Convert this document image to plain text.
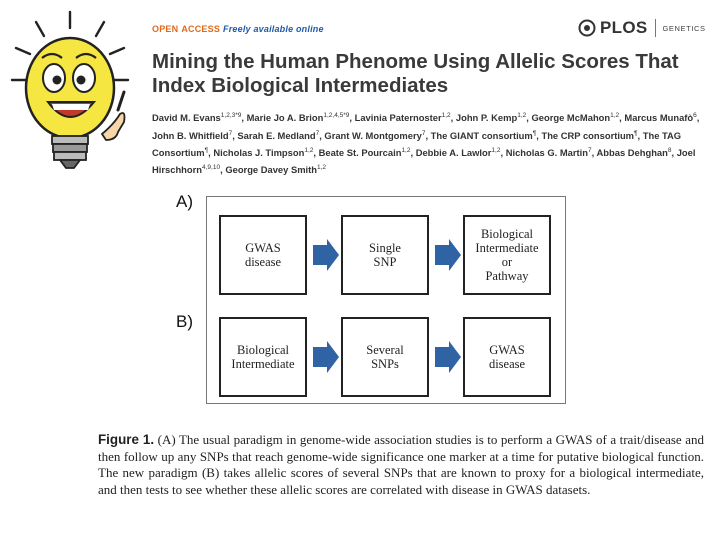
OPEN ACCESS Freely available online	PLOS GENETICS
Mining the Human Phenome Using Allelic Scores That
Index Biological Intermediates
David M. Evans$^{1,2,3*9}$, Marie Jo A. Brion$^{1,2,4,5*9}$, Lavinia Paternoster$^{1,2}$, John P. Kemp$^{1,2}$, George McMahon$^{1,2}$, Marcus Munafò$^6$, John B. Whitfield$^7$, Sarah E. Medland$^7$, Grant W. Montgomery$^7$, The GIANT consortium¶, The CRP consortium¶, The TAG Consortium¶, Nicholas J. Timpson$^{1,2}$, Beate St. Pourcain$^{1,2}$, Debbie A. Lawlor$^{1,2}$, Nicholas G. Martin$^7$, Abbas Dehghan$^8$, Joel Hirschhorn$^{4,9,10}$, George Davey Smith$^{1,2}$
A)
B)
GWAS
disease
Single
SNP
Biological
Intermediate
or
Pathway
Biological
Intermediate
Several
SNPs
GWAS
disease
Figure 1. (A) The usual paradigm in genome-wide association studies is to perform a GWAS of a trait/disease and then follow up any SNPs that reach genome-wide significance one marker at a time for putative biological function. The new paradigm (B) takes allelic scores of several SNPs that are known to proxy for a biological intermediate, and then tests to see whether these allelic scores are correlated with disease in GWAS datasets.
